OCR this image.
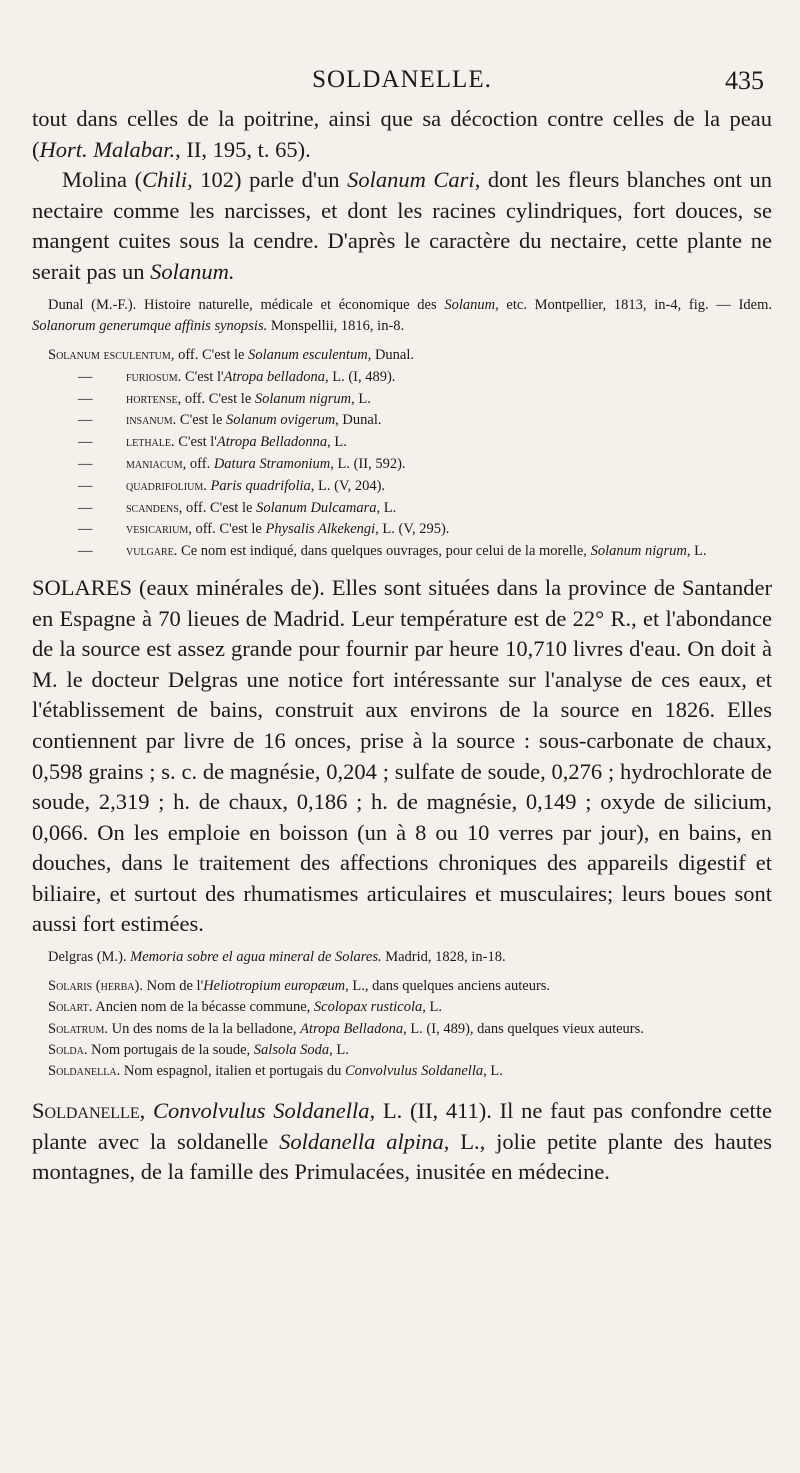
SOLDANELLE.	435

tout dans celles de la poitrine, ainsi que sa décoction contre celles de la peau (Hort. Malabar., II, 195, t. 65).

Molina (Chili, 102) parle d'un Solanum Cari, dont les fleurs blanches ont un nectaire comme les narcisses, et dont les racines cylindriques, fort douces, se mangent cuites sous la cendre. D'après le caractère du nectaire, cette plante ne serait pas un Solanum.

Dunal (M.-F.). Histoire naturelle, médicale et économique des Solanum, etc. Montpellier, 1813, in-4, fig. — Idem. Solanorum generumque affinis synopsis. Monspellii, 1816, in-8.

Solanum esculentum, off. C'est le Solanum esculentum, Dunal.
— furiosum. C'est l'Atropa belladona, L. (I, 489).
— hortense, off. C'est le Solanum nigrum, L.
— insanum. C'est le Solanum ovigerum, Dunal.
— lethale. C'est l'Atropa Belladonna, L.
— maniacum, off. Datura Stramonium, L. (II, 592).
— quadrifolium. Paris quadrifolia, L. (V, 204).
— scandens, off. C'est le Solanum Dulcamara, L.
— vesicarium, off. C'est le Physalis Alkekengi, L. (V, 295).
— vulgare. Ce nom est indiqué, dans quelques ouvrages, pour celui de la morelle, Solanum nigrum, L.

SOLARES (eaux minérales de). Elles sont situées dans la province de Santander en Espagne à 70 lieues de Madrid. Leur température est de 22° R., et l'abondance de la source est assez grande pour fournir par heure 10,710 livres d'eau. On doit à M. le docteur Delgras une notice fort intéressante sur l'analyse de ces eaux, et l'établissement de bains, construit aux environs de la source en 1826. Elles contiennent par livre de 16 onces, prise à la source : sous-carbonate de chaux, 0,598 grains ; s. c. de magnésie, 0,204 ; sulfate de soude, 0,276 ; hydrochlorate de soude, 2,319 ; h. de chaux, 0,186 ; h. de magnésie, 0,149 ; oxyde de silicium, 0,066. On les emploie en boisson (un à 8 ou 10 verres par jour), en bains, en douches, dans le traitement des affections chroniques des appareils digestif et biliaire, et surtout des rhumatismes articulaires et musculaires; leurs boues sont aussi fort estimées.

Delgras (M.). Memoria sobre el agua mineral de Solares. Madrid, 1828, in-18.

Solaris (herba). Nom de l'Heliotropium europæum, L., dans quelques anciens auteurs.

Solart. Ancien nom de la bécasse commune, Scolopax rusticola, L.

Solatrum. Un des noms de la la belladone, Atropa Belladona, L. (I, 489), dans quelques vieux auteurs.

Solda. Nom portugais de la soude, Salsola Soda, L.

Soldanella. Nom espagnol, italien et portugais du Convolvulus Soldanella, L.

Soldanelle, Convolvulus Soldanella, L. (II, 411). Il ne faut pas confondre cette plante avec la soldanelle Soldanella alpina, L., jolie petite plante des hautes montagnes, de la famille des Primulacées, inusitée en médecine.
